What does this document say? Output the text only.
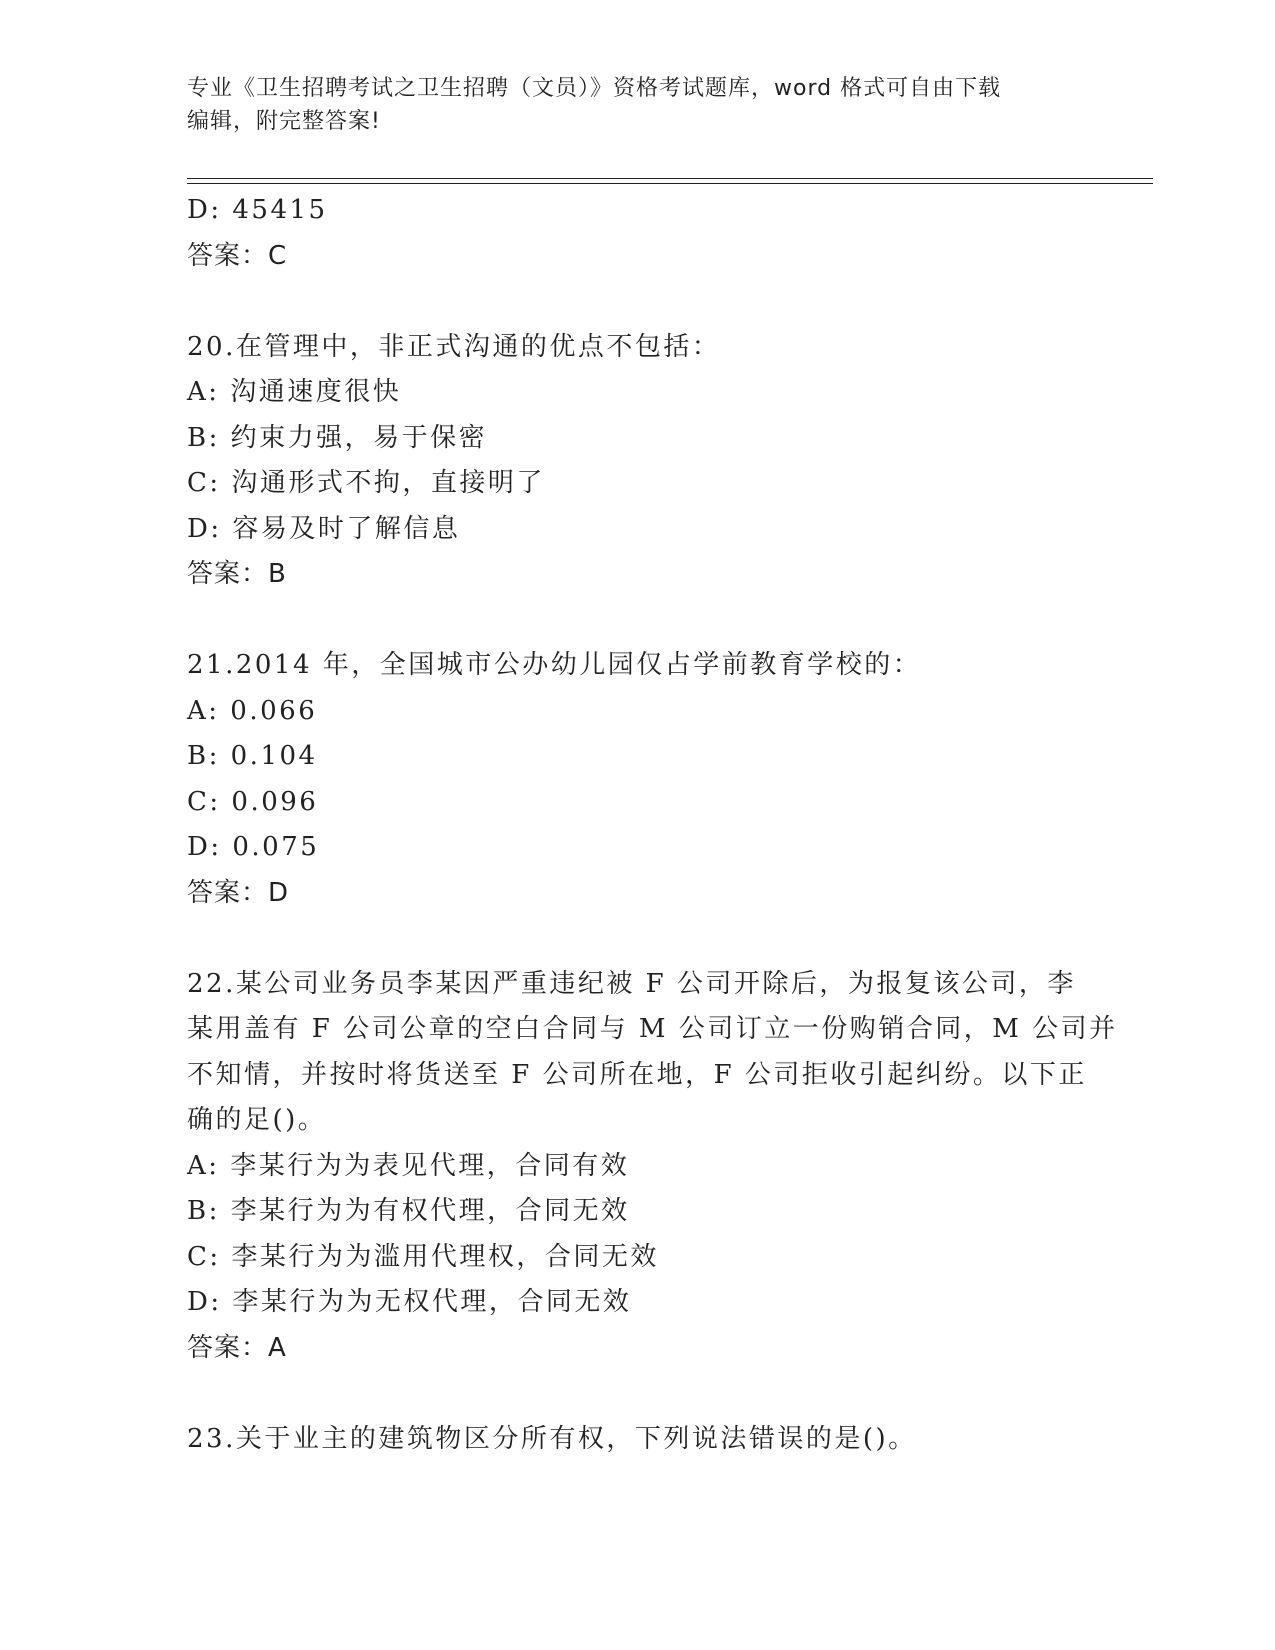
专业《卫生招聘考试之卫生招聘（文员）》资格考试题库，word 格式可自由下载
编辑，附完整答案!
D: 45415
答案：C
20.在管理中，非正式沟通的优点不包括：
A: 沟通速度很快
B: 约束力强，易于保密
C: 沟通形式不拘，直接明了
D: 容易及时了解信息
答案：B
21.2014 年，全国城市公办幼儿园仅占学前教育学校的：
A: 0.066
B: 0.104
C: 0.096
D: 0.075
答案：D
22.某公司业务员李某因严重违纪被 F 公司开除后，为报复该公司，李
某用盖有 F 公司公章的空白合同与 M 公司订立一份购销合同，M 公司并
不知情，并按时将货送至 F 公司所在地，F 公司拒收引起纠纷。以下正
确的足()。
A: 李某行为为表见代理，合同有效
B: 李某行为为有权代理，合同无效
C: 李某行为为滥用代理权，合同无效
D: 李某行为为无权代理，合同无效
答案：A
23.关于业主的建筑物区分所有权，下列说法错误的是()。
